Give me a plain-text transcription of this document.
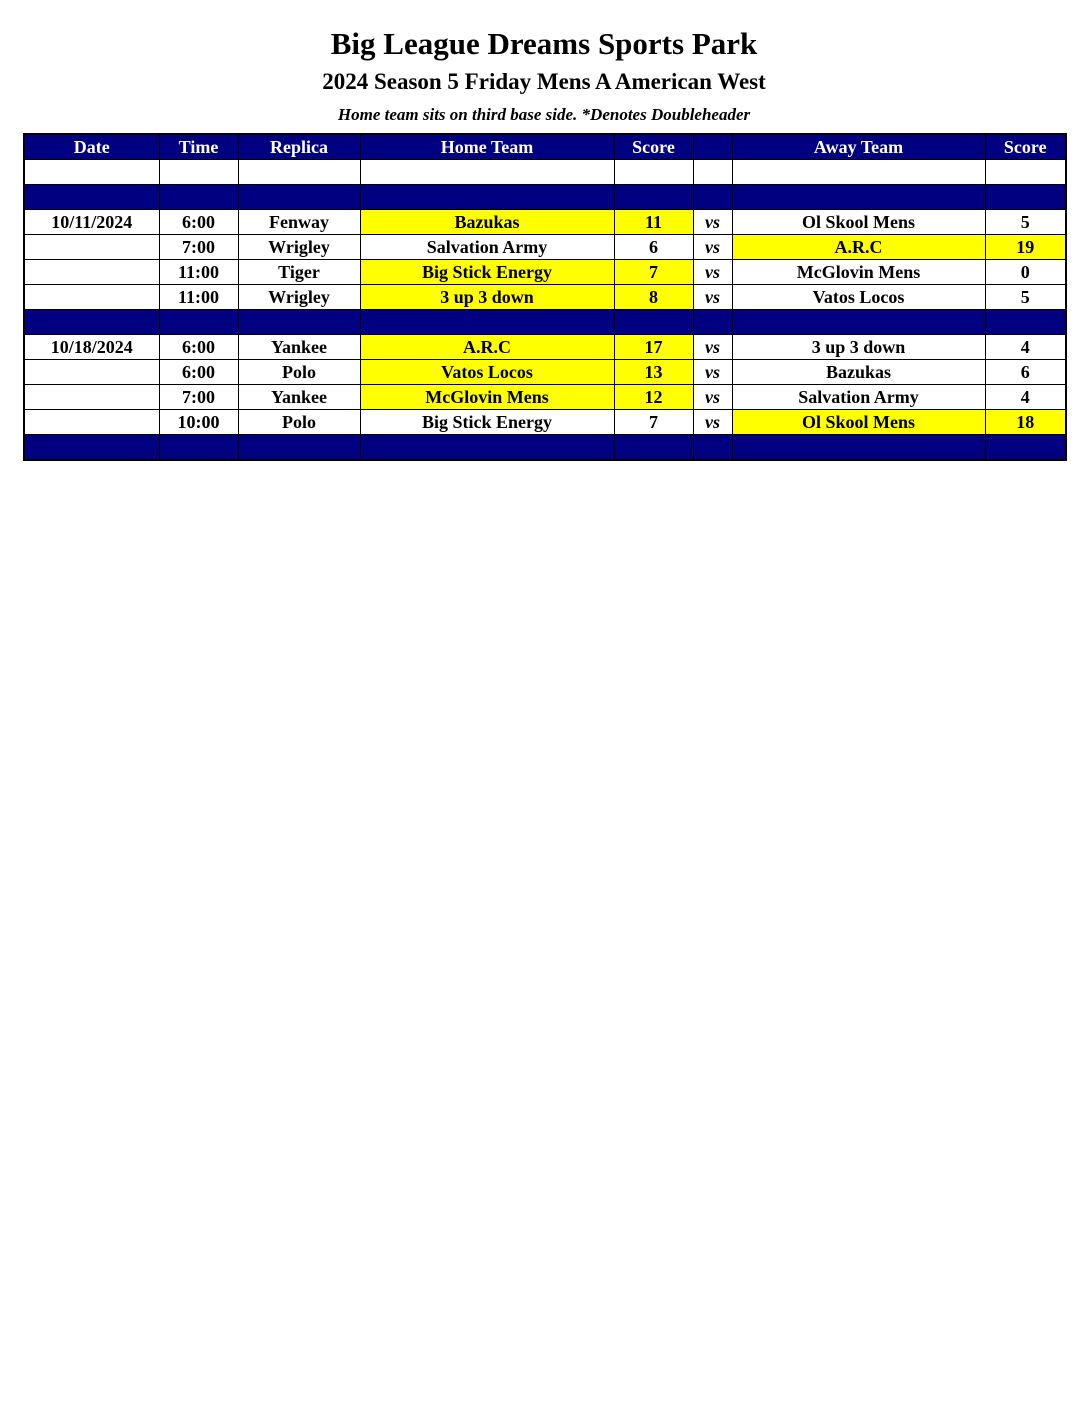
Big League Dreams Sports Park
2024 Season 5 Friday Mens A American West

Home team sits on third base side. *Denotes Doubleheader

Date	Time	Replica	Home Team	Score		Away Team	Score

10/11/2024	6:00	Fenway	Bazukas	11	vs	Ol Skool Mens	5
	7:00	Wrigley	Salvation Army	6	vs	A.R.C	19
	11:00	Tiger	Big Stick Energy	7	vs	McGlovin Mens	0
	11:00	Wrigley	3 up 3 down	8	vs	Vatos Locos	5

10/18/2024	6:00	Yankee	A.R.C	17	vs	3 up 3 down	4
	6:00	Polo	Vatos Locos	13	vs	Bazukas	6
	7:00	Yankee	McGlovin Mens	12	vs	Salvation Army	4
	10:00	Polo	Big Stick Energy	7	vs	Ol Skool Mens	18
